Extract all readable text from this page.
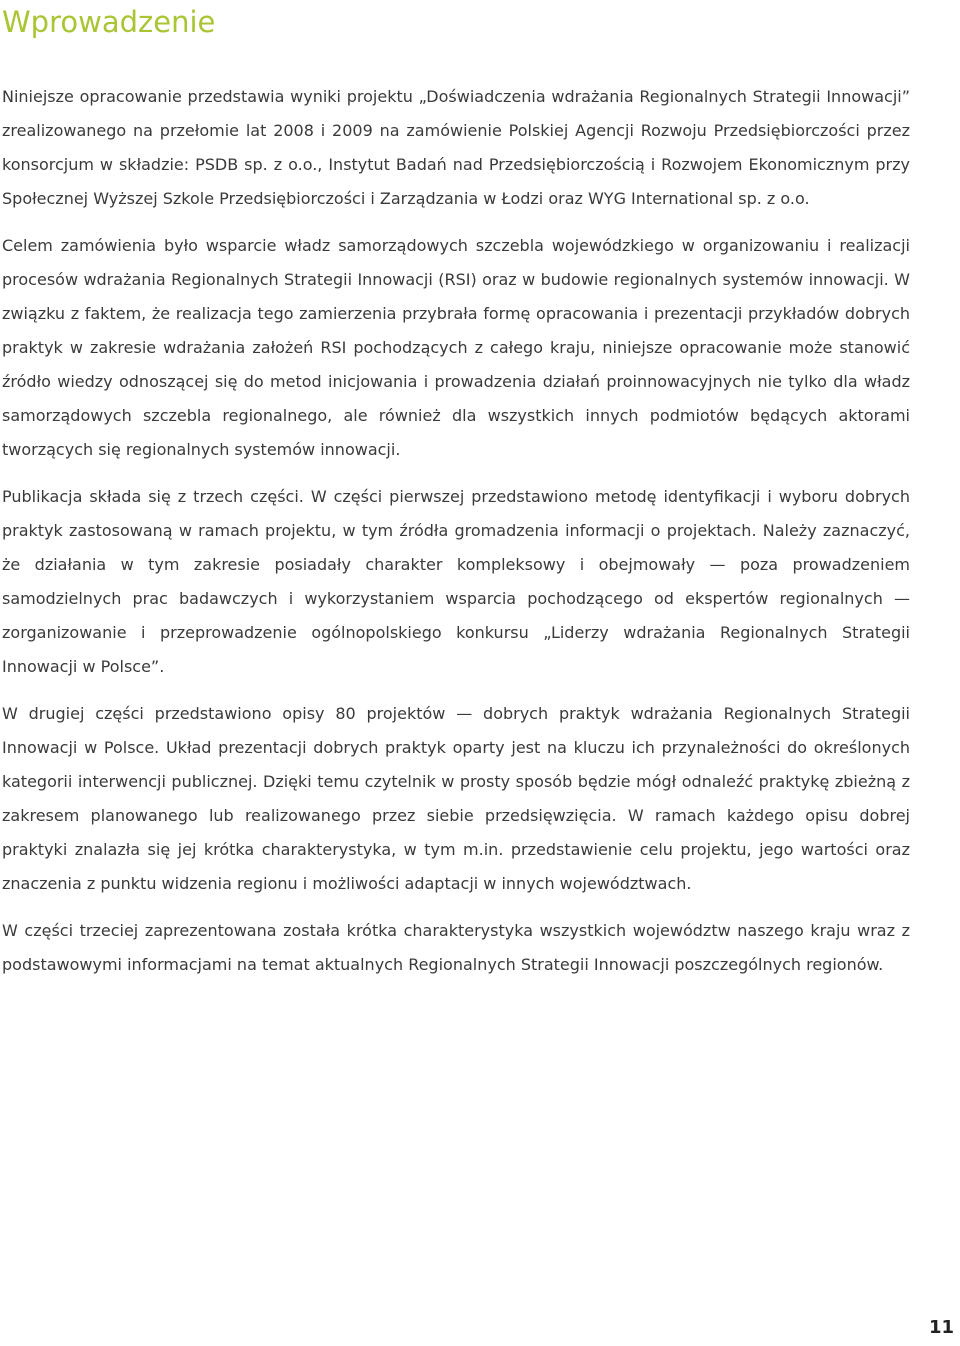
Wprowadzenie

Niniejsze opracowanie przedstawia wyniki projektu „Doświadczenia wdrażania Regionalnych Strategii Innowacji” zrealizowanego na przełomie lat 2008 i 2009 na zamówienie Polskiej Agencji Rozwoju Przedsiębiorczości przez konsorcjum w składzie: PSDB sp. z o.o., Instytut Badań nad Przedsiębiorczością i Rozwojem Ekonomicznym przy Społecznej Wyższej Szkole Przedsiębiorczości i Zarządzania w Łodzi oraz WYG International sp. z o.o.

Celem zamówienia było wsparcie władz samorządowych szczebla wojewódzkiego w organizowaniu i realizacji procesów wdrażania Regionalnych Strategii Innowacji (RSI) oraz w budowie regionalnych systemów innowacji. W związku z faktem, że realizacja tego zamierzenia przybrała formę opracowania i prezentacji przykładów dobrych praktyk w zakresie wdrażania założeń RSI pochodzących z całego kraju, niniejsze opracowanie może stanowić źródło wiedzy odnoszącej się do metod inicjowania i prowadzenia działań proinnowacyjnych nie tylko dla władz samorządowych szczebla regionalnego, ale również dla wszystkich innych podmiotów będących aktorami tworzących się regionalnych systemów innowacji.

Publikacja składa się z trzech części. W części pierwszej przedstawiono metodę identyfikacji i wyboru dobrych praktyk zastosowaną w ramach projektu, w tym źródła gromadzenia informacji o projektach. Należy zaznaczyć, że działania w tym zakresie posiadały charakter kompleksowy i obejmowały — poza prowadzeniem samodzielnych prac badawczych i wykorzystaniem wsparcia pochodzącego od ekspertów regionalnych — zorganizowanie i przeprowadzenie ogólnopolskiego konkursu „Liderzy wdrażania Regionalnych Strategii Innowacji w Polsce”.

W drugiej części przedstawiono opisy 80 projektów — dobrych praktyk wdrażania Regionalnych Strategii Innowacji w Polsce. Układ prezentacji dobrych praktyk oparty jest na kluczu ich przynależności do określonych kategorii interwencji publicznej. Dzięki temu czytelnik w prosty sposób będzie mógł odnaleźć praktykę zbieżną z zakresem planowanego lub realizowanego przez siebie przedsięwzięcia. W ramach każdego opisu dobrej praktyki znalazła się jej krótka charakterystyka, w tym m.in. przedstawienie celu projektu, jego wartości oraz znaczenia z punktu widzenia regionu i możliwości adaptacji w innych województwach.

W części trzeciej zaprezentowana została krótka charakterystyka wszystkich województw naszego kraju wraz z podstawowymi informacjami na temat aktualnych Regionalnych Strategii Innowacji poszczególnych regionów.

11
